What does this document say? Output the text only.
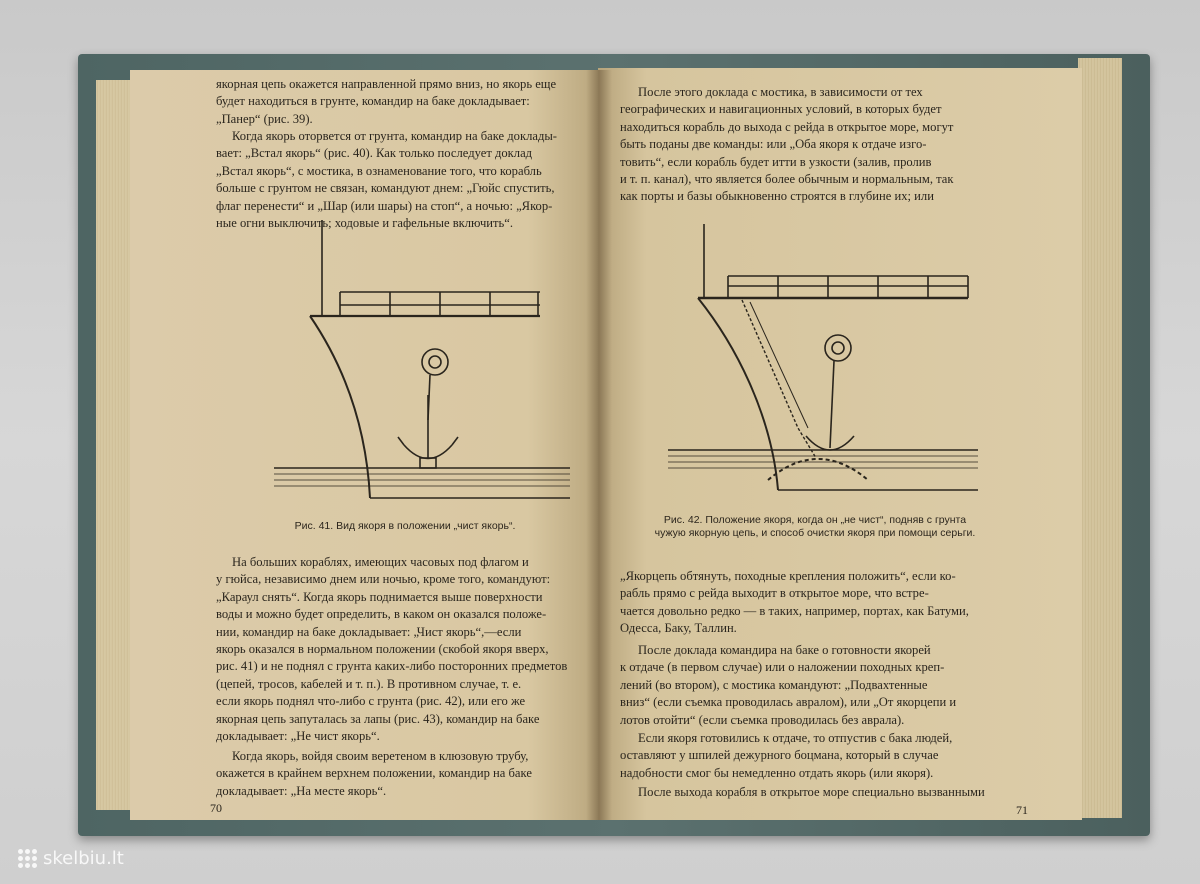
якорная цепь окажется направленной прямо вниз, но якорь еще
будет находиться в грунте, командир на баке докладывает:
„Панер“ (рис. 39).
Когда якорь оторвется от грунта, командир на баке доклады-
вает: „Встал якорь“ (рис. 40). Как только последует доклад
„Встал якорь“, с мостика, в ознаменование того, что корабль
больше с грунтом не связан, командуют днем: „Гюйс спустить,
флаг перенести“ и „Шар (или шары) на стоп“, а ночью: „Якор-
ные огни выключить; ходовые и гафельные включить“.
Рис. 41. Вид якоря в положении „чист якорь“.
На больших кораблях, имеющих часовых под флагом и
у гюйса, независимо днем или ночью, кроме того, командуют:
„Караул снять“. Когда якорь поднимается выше поверхности
воды и можно будет определить, в каком он оказался положе-
нии, командир на баке докладывает: „Чист якорь“,—если
якорь оказался в нормальном положении (скобой якоря вверх,
рис. 41) и не поднял с грунта каких-либо посторонних предметов
(цепей, тросов, кабелей и т. п.). В противном случае, т. е.
если якорь поднял что-либо с грунта (рис. 42), или его же
якорная цепь запуталась за лапы (рис. 43), командир на баке
докладывает: „Не чист якорь“.
Когда якорь, войдя своим веретеном в клюзовую трубу,
окажется в крайнем верхнем положении, командир на баке
докладывает: „На месте якорь“.
70
После этого доклада с мостика, в зависимости от тех
географических и навигационных условий, в которых будет
находиться корабль до выхода с рейда в открытое море, могут
быть поданы две команды: или „Оба якоря к отдаче изго-
товить“, если корабль будет итти в узкости (залив, пролив
и т. п. канал), что является более обычным и нормальным, так
как порты и базы обыкновенно строятся в глубине их; или
Рис. 42. Положение якоря, когда он „не чист“, подняв с грунта чужую якорную цепь, и способ очистки якоря при помощи серьги.
„Якорцепь обтянуть, походные крепления положить“, если ко-
рабль прямо с рейда выходит в открытое море, что встре-
чается довольно редко — в таких, например, портах, как Батуми,
Одесса, Баку, Таллин.
После доклада командира на баке о готовности якорей
к отдаче (в первом случае) или о наложении походных креп-
лений (во втором), с мостика командуют: „Подвахтенные
вниз“ (если съемка проводилась авралом), или „От якорцепи и
лотов отойти“ (если съемка проводилась без аврала).
Если якоря готовились к отдаче, то отпустив с бака людей,
оставляют у шпилей дежурного боцмана, который в случае
надобности смог бы немедленно отдать якорь (или якоря).
После выхода корабля в открытое море специально вызванными
71
skelbiu.lt
